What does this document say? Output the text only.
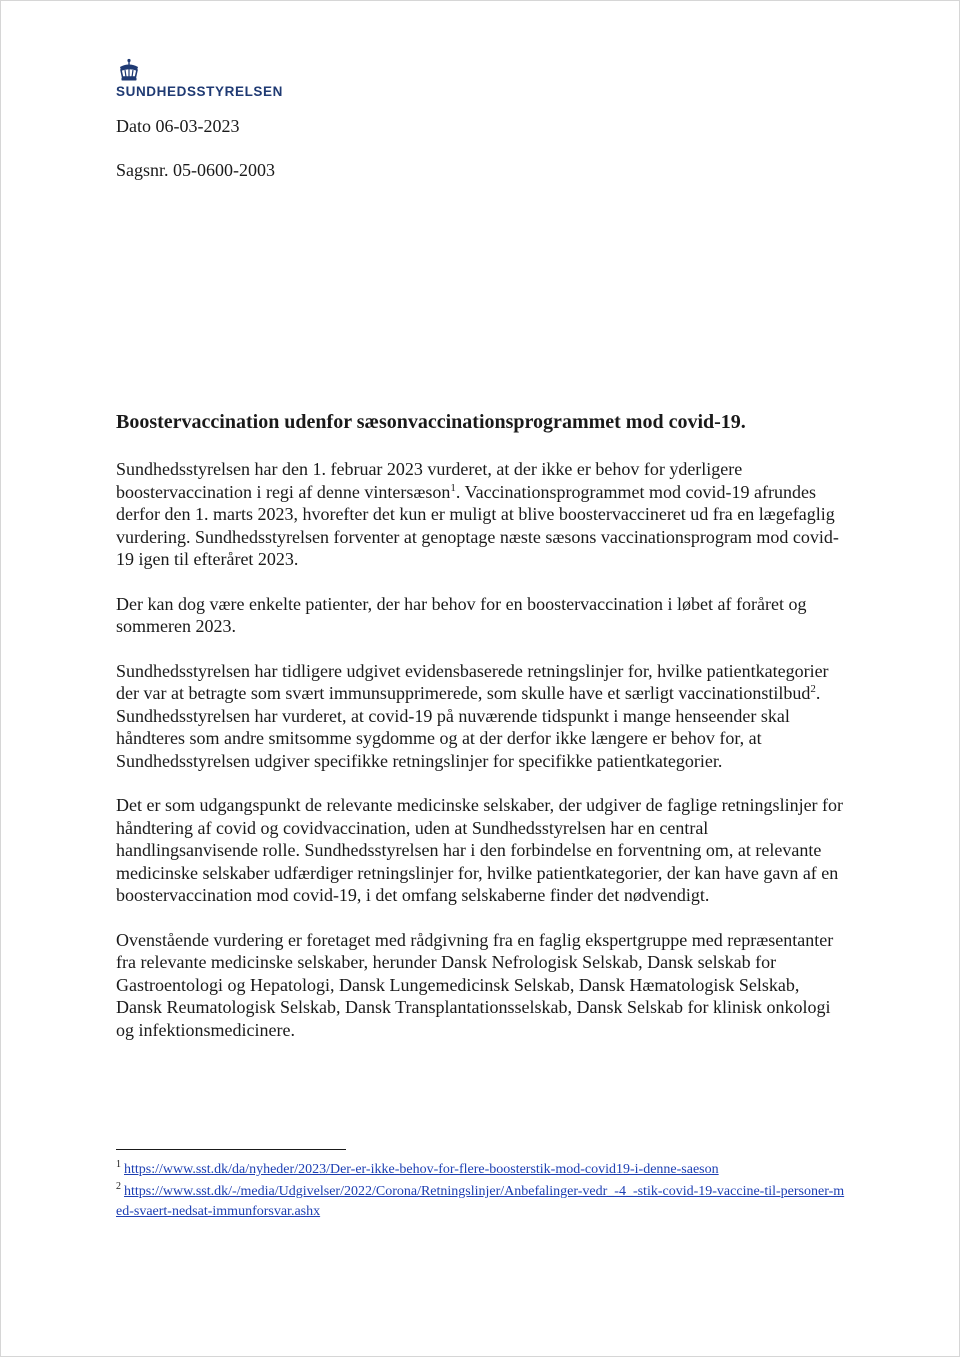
SUNDHEDSSTYRELSEN
Dato 06-03-2023
Sagsnr. 05-0600-2003
Boostervaccination udenfor sæsonvaccinationsprogrammet mod covid-19.

Sundhedsstyrelsen har den 1. februar 2023 vurderet, at der ikke er behov for yderligere boostervaccination i regi af denne vintersæson$^1$. Vaccinationsprogrammet mod covid-19 afrundes derfor den 1. marts 2023, hvorefter det kun er muligt at blive boostervaccineret ud fra en lægefaglig vurdering. Sundhedsstyrelsen forventer at genoptage næste sæsons vaccinationsprogram mod covid-19 igen til efteråret 2023.

Der kan dog være enkelte patienter, der har behov for en boostervaccination i løbet af foråret og sommeren 2023.

Sundhedsstyrelsen har tidligere udgivet evidensbaserede retningslinjer for, hvilke patientkategorier der var at betragte som svært immunsupprimerede, som skulle have et særligt vaccinationstilbud$^2$. Sundhedsstyrelsen har vurderet, at covid-19 på nuværende tidspunkt i mange henseender skal håndteres som andre smitsomme sygdomme og at der derfor ikke længere er behov for, at Sundhedsstyrelsen udgiver specifikke retningslinjer for specifikke patientkategorier.

Det er som udgangspunkt de relevante medicinske selskaber, der udgiver de faglige retningslinjer for håndtering af covid og covidvaccination, uden at Sundhedsstyrelsen har en central handlingsanvisende rolle. Sundhedsstyrelsen har i den forbindelse en forventning om, at relevante medicinske selskaber udfærdiger retningslinjer for, hvilke patientkategorier, der kan have gavn af en boostervaccination mod covid-19, i det omfang selskaberne finder det nødvendigt.

Ovenstående vurdering er foretaget med rådgivning fra en faglig ekspertgruppe med repræsentanter fra relevante medicinske selskaber, herunder Dansk Nefrologisk Selskab, Dansk selskab for Gastroentologi og Hepatologi, Dansk Lungemedicinsk Selskab, Dansk Hæmatologisk Selskab, Dansk Reumatologisk Selskab, Dansk Transplantationsselskab, Dansk Selskab for klinisk onkologi og infektionsmedicinere.

$^1$ https://www.sst.dk/da/nyheder/2023/Der-er-ikke-behov-for-flere-boosterstik-mod-covid19-i-denne-saeson
$^2$ https://www.sst.dk/-/media/Udgivelser/2022/Corona/Retningslinjer/Anbefalinger-vedr_-4_-stik-covid-19-vaccine-til-personer-med-svaert-nedsat-immunforsvar.ashx
